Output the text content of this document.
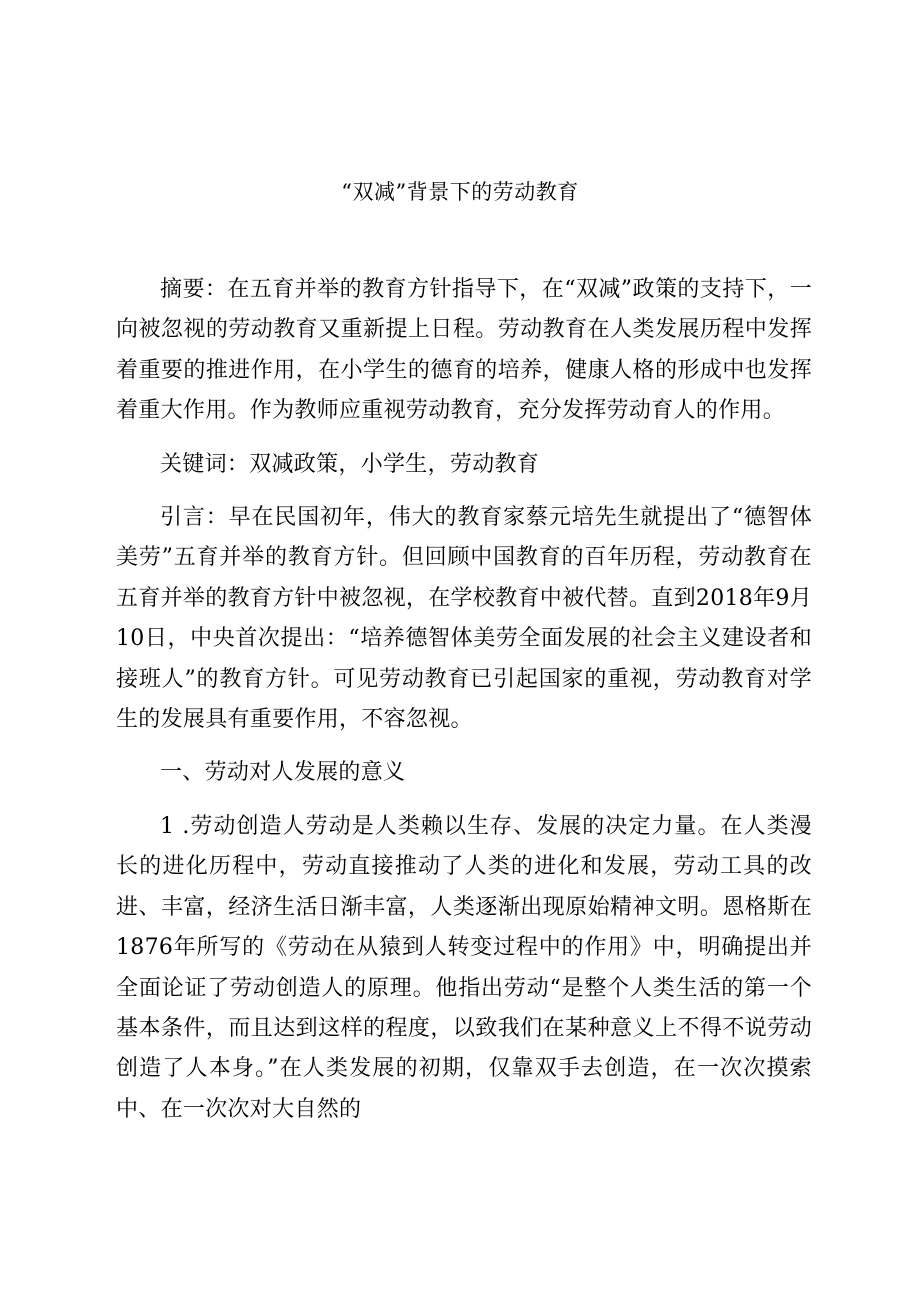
“双减”背景下的劳动教育

摘要：在五育并举的教育方针指导下，在“双减”政策的支持下，一向被忽视的劳动教育又重新提上日程。劳动教育在人类发展历程中发挥着重要的推进作用，在小学生的德育的培养，健康人格的形成中也发挥着重大作用。作为教师应重视劳动教育，充分发挥劳动育人的作用。

关键词：双减政策，小学生，劳动教育

引言：早在民国初年，伟大的教育家蔡元培先生就提出了“德智体美劳”五育并举的教育方针。但回顾中国教育的百年历程，劳动教育在五育并举的教育方针中被忽视，在学校教育中被代替。直到2018年9月10日，中央首次提出：“培养德智体美劳全面发展的社会主义建设者和接班人”的教育方针。可见劳动教育已引起国家的重视，劳动教育对学生的发展具有重要作用，不容忽视。

一、劳动对人发展的意义

1 .劳动创造人劳动是人类赖以生存、发展的决定力量。在人类漫长的进化历程中，劳动直接推动了人类的进化和发展，劳动工具的改进、丰富，经济生活日渐丰富，人类逐渐出现原始精神文明。恩格斯在1876年所写的《劳动在从猿到人转变过程中的作用》中，明确提出并全面论证了劳动创造人的原理。他指出劳动“是整个人类生活的第一个基本条件，而且达到这样的程度，以致我们在某种意义上不得不说劳动创造了人本身。”在人类发展的初期，仅靠双手去创造，在一次次摸索中、在一次次对大自然的
